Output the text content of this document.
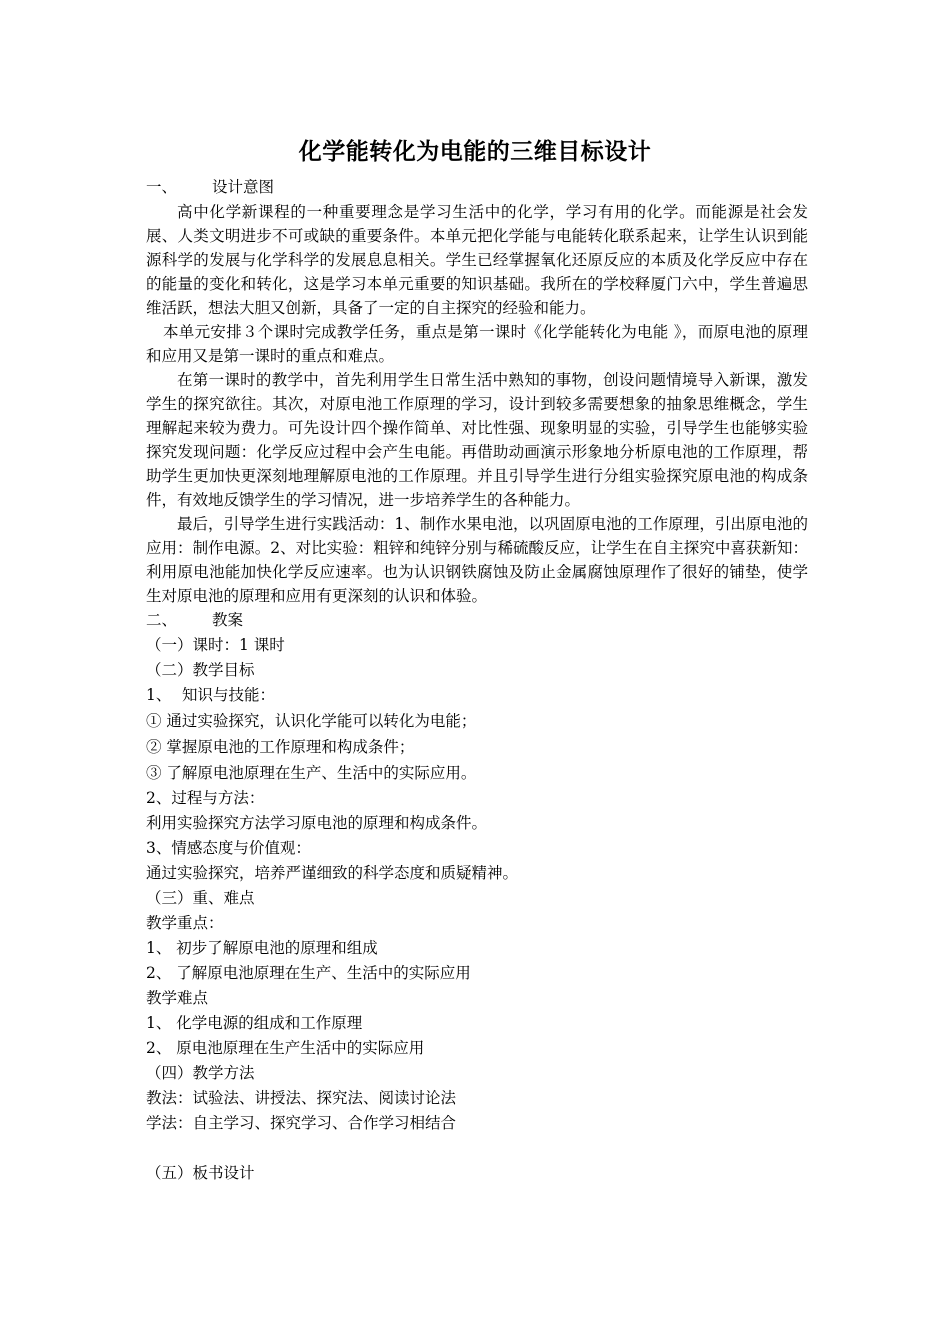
化学能转化为电能的三维目标设计
一、 设计意图

高中化学新课程的一种重要理念是学习生活中的化学，学习有用的化学。而能源是社会发展、人类文明进步不可或缺的重要条件。本单元把化学能与电能转化联系起来，让学生认识到能源科学的发展与化学科学的发展息息相关。学生已经掌握氧化还原反应的本质及化学反应中存在的能量的变化和转化，这是学习本单元重要的知识基础。我所在的学校释厦门六中，学生普遍思维活跃，想法大胆又创新，具备了一定的自主探究的经验和能力。

本单元安排３个课时完成教学任务，重点是第一课时《化学能转化为电能 》，而原电池的原理和应用又是第一课时的重点和难点。

在第一课时的教学中，首先利用学生日常生活中熟知的事物，创设问题情境导入新课，激发学生的探究欲往。其次，对原电池工作原理的学习，设计到较多需要想象的抽象思维概念，学生理解起来较为费力。可先设计四个操作简单、对比性强、现象明显的实验，引导学生也能够实验探究发现问题：化学反应过程中会产生电能。再借助动画演示形象地分析原电池的工作原理，帮助学生更加快更深刻地理解原电池的工作原理。并且引导学生进行分组实验探究原电池的构成条件，有效地反馈学生的学习情况，进一步培养学生的各种能力。

最后，引导学生进行实践活动：1、制作水果电池，以巩固原电池的工作原理，引出原电池的应用：制作电源。2、对比实验：粗锌和纯锌分别与稀硫酸反应，让学生在自主探究中喜获新知：利用原电池能加快化学反应速率。也为认识钢铁腐蚀及防止金属腐蚀原理作了很好的铺垫，使学生对原电池的原理和应用有更深刻的认识和体验。

二、 教案
（一）课时：1 课时
（二）教学目标
1、 知识与技能：
① 通过实验探究，认识化学能可以转化为电能；
② 掌握原电池的工作原理和构成条件；
③ 了解原电池原理在生产、生活中的实际应用。
2、过程与方法：
利用实验探究方法学习原电池的原理和构成条件。
3、情感态度与价值观：
通过实验探究，培养严谨细致的科学态度和质疑精神。
（三）重、难点
教学重点：
1、 初步了解原电池的原理和组成
2、 了解原电池原理在生产、生活中的实际应用
教学难点
1、 化学电源的组成和工作原理
2、 原电池原理在生产生活中的实际应用
（四）教学方法
教法：试验法、讲授法、探究法、阅读讨论法
学法：自主学习、探究学习、合作学习相结合
（五）板书设计
